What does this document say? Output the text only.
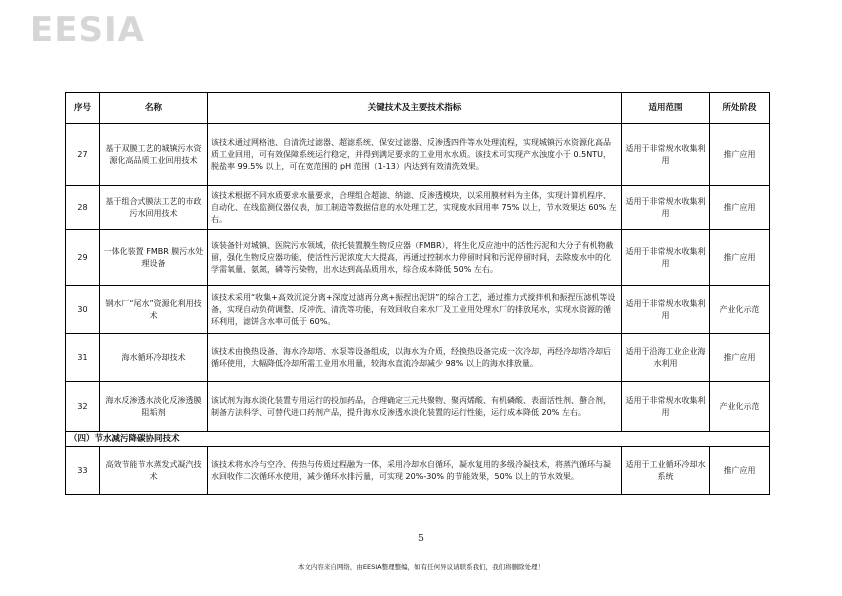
EESIA
序号	名称	关键技术及主要技术指标	适用范围	所处阶段
27	基于双膜工艺的城镇污水资源化高品质工业回用技术	该技术通过网格池、自清洗过滤器、超滤系统、保安过滤器、反渗透四件等水处理流程，实现城镇污水资源化高品质工业回用，可有效保障系统运行稳定，并得到满足要求的工业用水水质。该技术可实现产水浊度小于 0.5NTU，脱盐率 99.5% 以上，可在宽范围的 pH 范围（1-13）内达到有效清洗效果。	适用于非常规水收集利用	推广应用
28	基于组合式膜法工艺的市政污水回用技术	该技术根据不同水质要求水量要求，合理组合超滤、纳滤、反渗透模块，以采用膜材料为主体，实现计算机程序、自动化、在线监测仪器仪表，加工制造等数据信息的水处理工艺，实现废水回用率 75% 以上，节水效果达 60% 左右。	适用于非常规水收集利用	推广应用
29	一体化装置 FMBR 膜污水处理设备	该装备针对城镇、医院污水领域，依托装置膜生物反应器（FMBR），将生化反应池中的活性污泥和大分子有机物截留，强化生物反应器功能，使活性污泥浓度大大提高，再通过控制水力停留时间和污泥停留时间，去除废水中的化学需氧量、氨氮，磷等污染物，出水达到高品质用水，综合成本降低 50% 左右。	适用于非常规水收集利用	推广应用
30	钢水厂“尾水”资源化利用技术	该技术采用“收集+高效沉淀分离+深度过滤再分离+振捏出泥饼”的综合工艺，通过推力式搅拌机和振捏压滤机等设备，实现自动负荷调整、反冲洗、清洗等功能，有效回收自来水厂及工业用处理水厂的排放尾水，实现水资源的循环利用，滤饼含水率可低于 60%。	适用于非常规水收集利用	产业化示范
31	海水循环冷却技术	该技术由换热设备、海水冷却塔、水泵等设备组成，以海水为介质，经换热设备完成一次冷却，再经冷却塔冷却后循环使用，大幅降低冷却所需工业用水用量，较海水直流冷却减少 98% 以上的海水排放量。	适用于沿海工业企业海水利用	推广应用
32	海水反渗透水淡化反渗透膜阻垢剂	该试剂为海水淡化装置专用运行的投加药品，合理确定三元共聚物、聚丙烯酸、有机磷酸、表面活性剂、螯合剂，制备方法科学、可替代进口药剂产品，提升海水反渗透水淡化装置的运行性能，运行成本降低 20% 左右。	适用于非常规水收集利用	产业化示范
（四）节水减污降碳协同技术				
33	高效节能节水蒸发式凝汽技术	该技术将水冷与空冷、传热与传质过程融为一体，采用冷却水自循环，凝水复用的多级冷凝技术，将蒸汽循环与凝水回收作二次循环水使用，减少循环水排污量，可实现 20%-30% 的节能效果，50% 以上的节水效果。	适用于工业循环冷却水系统	推广应用
5
本文内容来自网络，由EESIA整理整编，如有任何异议请联系我们，我们将删除处理！
